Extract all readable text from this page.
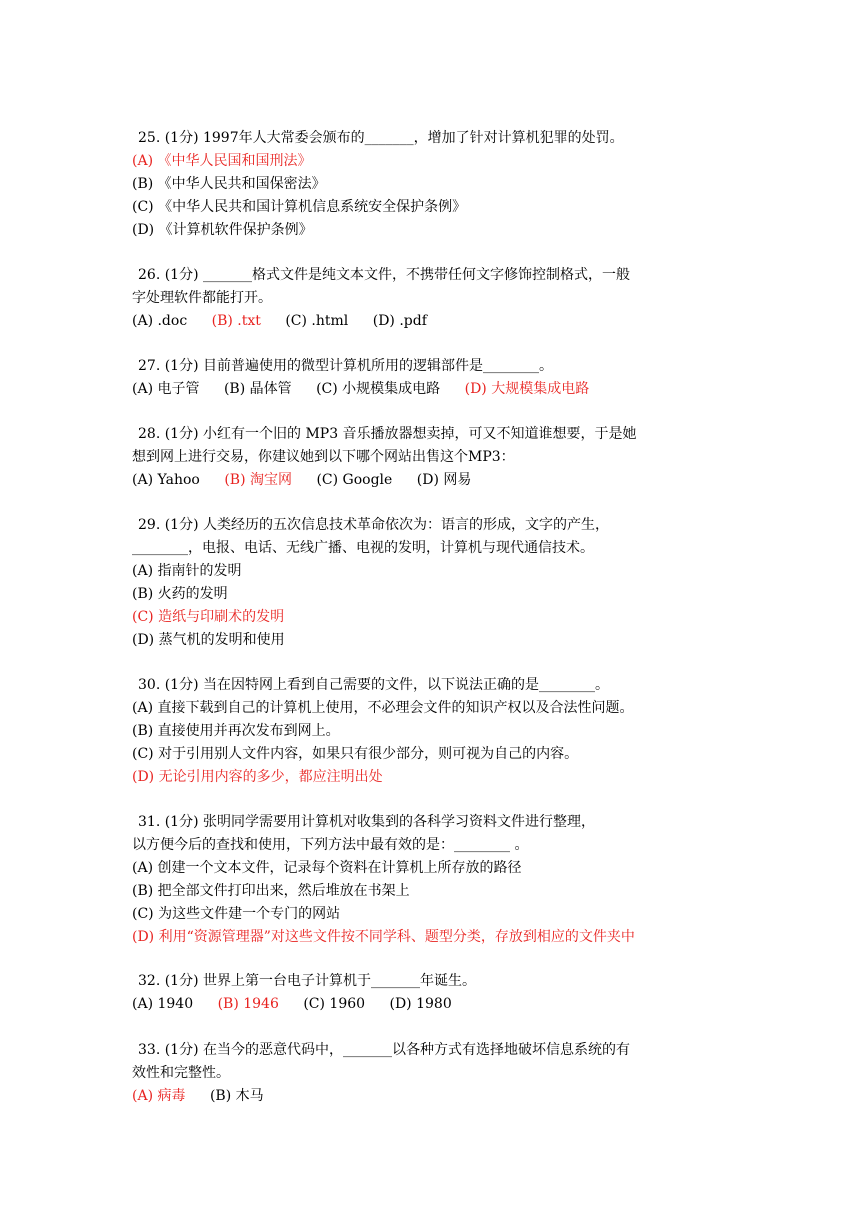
25. (1分) 1997年人大常委会颁布的_______，增加了针对计算机犯罪的处罚。
(A) 《中华人民国和国刑法》
(B) 《中华人民共和国保密法》
(C) 《中华人民共和国计算机信息系统安全保护条例》
(D) 《计算机软件保护条例》
26. (1分) _______格式文件是纯文本文件，不携带任何文字修饰控制格式，一般
字处理软件都能打开。
(A) .doc (B) .txt (C) .html (D) .pdf
27. (1分) 目前普遍使用的微型计算机所用的逻辑部件是________。
(A) 电子管 (B) 晶体管 (C) 小规模集成电路 (D) 大规模集成电路
28. (1分) 小红有一个旧的 MP3 音乐播放器想卖掉，可又不知道谁想要，于是她
想到网上进行交易，你建议她到以下哪个网站出售这个MP3：
(A) Yahoo (B) 淘宝网 (C) Google (D) 网易
29. (1分) 人类经历的五次信息技术革命依次为：语言的形成，文字的产生，
________，电报、电话、无线广播、电视的发明，计算机与现代通信技术。
(A) 指南针的发明
(B) 火药的发明
(C) 造纸与印刷术的发明
(D) 蒸气机的发明和使用
30. (1分) 当在因特网上看到自己需要的文件，以下说法正确的是________。
(A) 直接下载到自己的计算机上使用，不必理会文件的知识产权以及合法性问题。
(B) 直接使用并再次发布到网上。
(C) 对于引用别人文件内容，如果只有很少部分，则可视为自己的内容。
(D) 无论引用内容的多少，都应注明出处
31. (1分) 张明同学需要用计算机对收集到的各科学习资料文件进行整理，
以方便今后的查找和使用，下列方法中最有效的是：________ 。
(A) 创建一个文本文件，记录每个资料在计算机上所存放的路径
(B) 把全部文件打印出来，然后堆放在书架上
(C) 为这些文件建一个专门的网站
(D) 利用“资源管理器”对这些文件按不同学科、题型分类，存放到相应的文件夹中
32. (1分) 世界上第一台电子计算机于_______年诞生。
(A) 1940 (B) 1946 (C) 1960 (D) 1980
33. (1分) 在当今的恶意代码中，_______以各种方式有选择地破坏信息系统的有
效性和完整性。
(A) 病毒 (B) 木马
